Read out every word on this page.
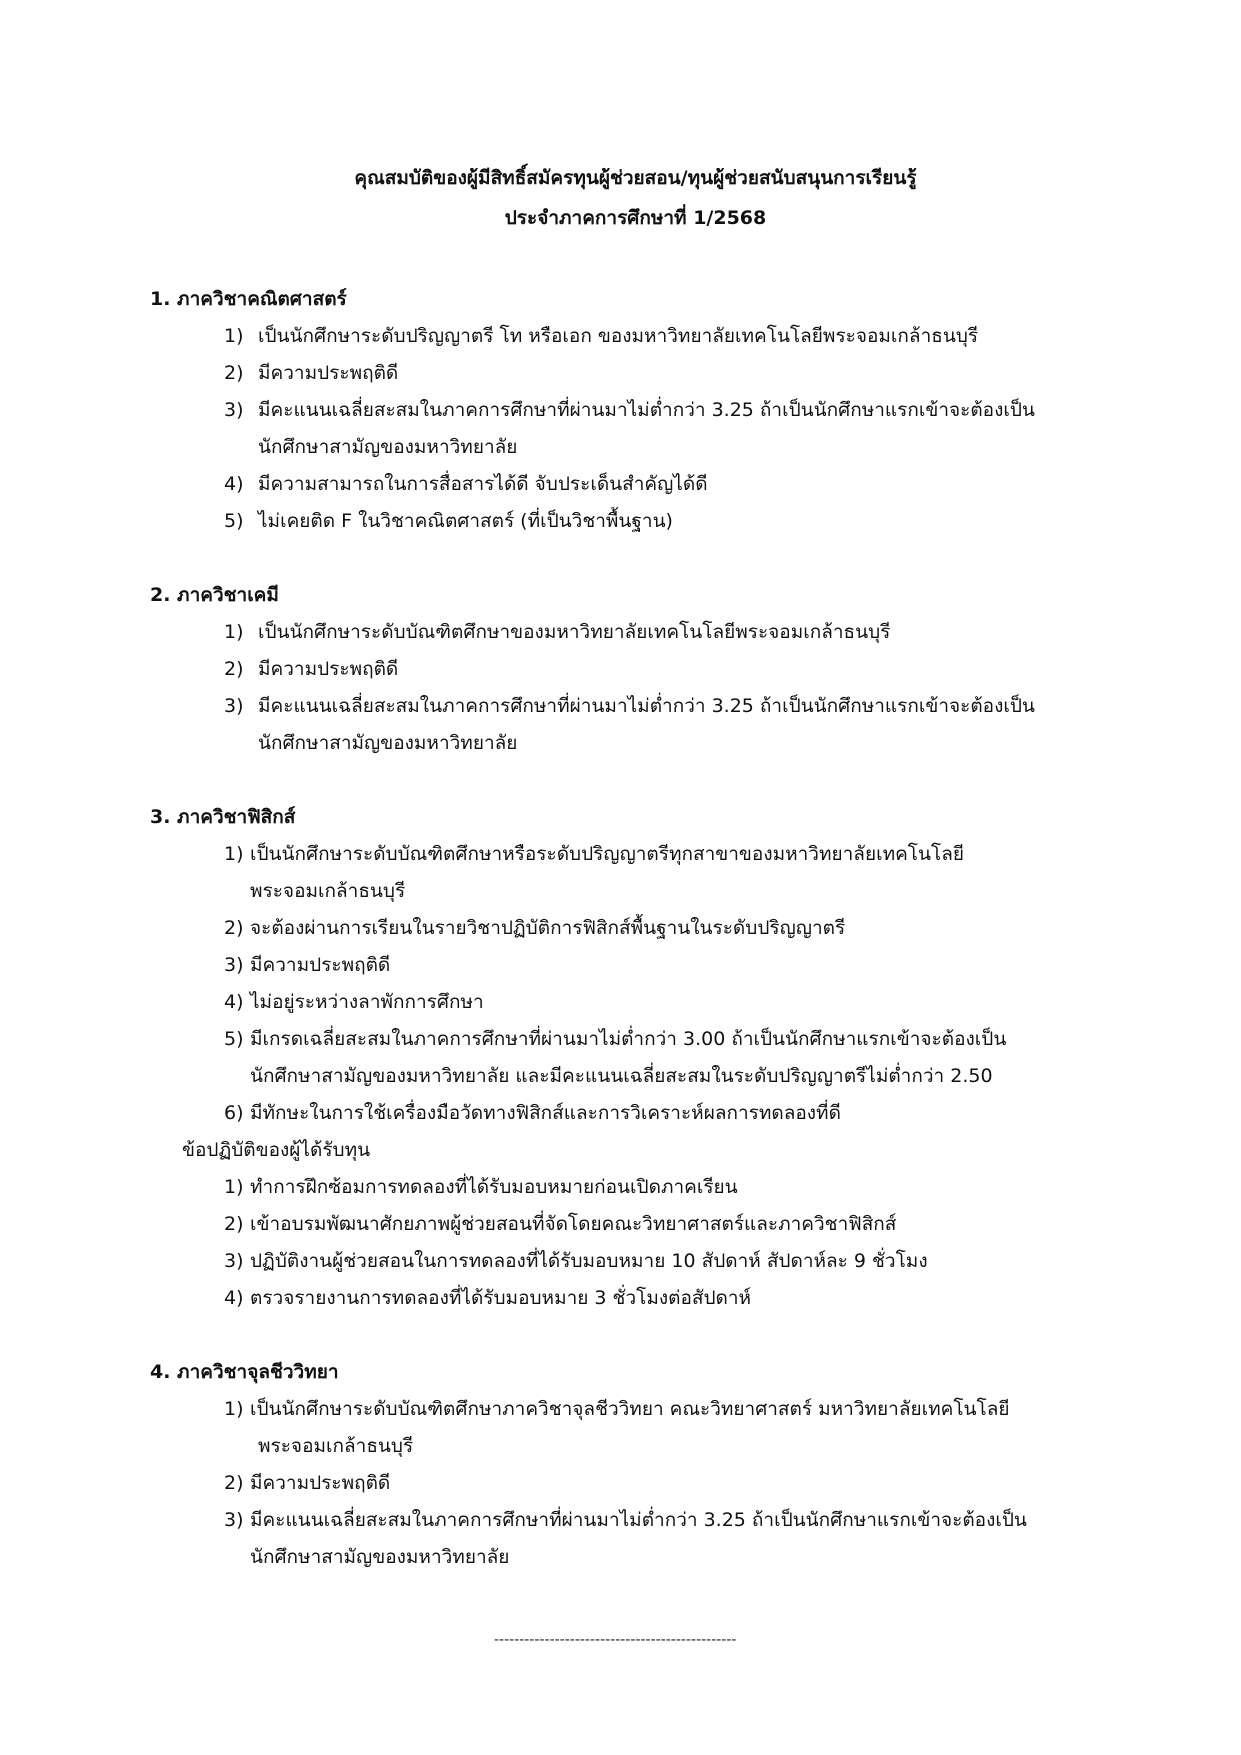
คุณสมบัติของผู้มีสิทธิ์สมัครทุนผู้ช่วยสอน/ทุนผู้ช่วยสนับสนุนการเรียนรู้
ประจำภาคการศึกษาที่ 1/2568
1. ภาควิชาคณิตศาสตร์
1) เป็นนักศึกษาระดับปริญญาตรี โท หรือเอก ของมหาวิทยาลัยเทคโนโลยีพระจอมเกล้าธนบุรี
2) มีความประพฤติดี
3) มีคะแนนเฉลี่ยสะสมในภาคการศึกษาที่ผ่านมาไม่ต่ำกว่า 3.25 ถ้าเป็นนักศึกษาแรกเข้าจะต้องเป็น
นักศึกษาสามัญของมหาวิทยาลัย
4) มีความสามารถในการสื่อสารได้ดี จับประเด็นสำคัญได้ดี
5) ไม่เคยติด F ในวิชาคณิตศาสตร์ (ที่เป็นวิชาพื้นฐาน)
2. ภาควิชาเคมี
1) เป็นนักศึกษาระดับบัณฑิตศึกษาของมหาวิทยาลัยเทคโนโลยีพระจอมเกล้าธนบุรี
2) มีความประพฤติดี
3) มีคะแนนเฉลี่ยสะสมในภาคการศึกษาที่ผ่านมาไม่ต่ำกว่า 3.25 ถ้าเป็นนักศึกษาแรกเข้าจะต้องเป็น
นักศึกษาสามัญของมหาวิทยาลัย
3. ภาควิชาฟิสิกส์
1) เป็นนักศึกษาระดับบัณฑิตศึกษาหรือระดับปริญญาตรีทุกสาขาของมหาวิทยาลัยเทคโนโลยี
พระจอมเกล้าธนบุรี
2) จะต้องผ่านการเรียนในรายวิชาปฏิบัติการฟิสิกส์พื้นฐานในระดับปริญญาตรี
3) มีความประพฤติดี
4) ไม่อยู่ระหว่างลาพักการศึกษา
5) มีเกรดเฉลี่ยสะสมในภาคการศึกษาที่ผ่านมาไม่ต่ำกว่า 3.00 ถ้าเป็นนักศึกษาแรกเข้าจะต้องเป็น
นักศึกษาสามัญของมหาวิทยาลัย และมีคะแนนเฉลี่ยสะสมในระดับปริญญาตรีไม่ต่ำกว่า 2.50
6) มีทักษะในการใช้เครื่องมือวัดทางฟิสิกส์และการวิเคราะห์ผลการทดลองที่ดี
ข้อปฏิบัติของผู้ได้รับทุน
1) ทำการฝึกซ้อมการทดลองที่ได้รับมอบหมายก่อนเปิดภาคเรียน
2) เข้าอบรมพัฒนาศักยภาพผู้ช่วยสอนที่จัดโดยคณะวิทยาศาสตร์และภาควิชาฟิสิกส์
3) ปฏิบัติงานผู้ช่วยสอนในการทดลองที่ได้รับมอบหมาย 10 สัปดาห์ สัปดาห์ละ 9 ชั่วโมง
4) ตรวจรายงานการทดลองที่ได้รับมอบหมาย 3 ชั่วโมงต่อสัปดาห์
4. ภาควิชาจุลชีววิทยา
1) เป็นนักศึกษาระดับบัณฑิตศึกษาภาควิชาจุลชีววิทยา คณะวิทยาศาสตร์ มหาวิทยาลัยเทคโนโลยี
พระจอมเกล้าธนบุรี
2) มีความประพฤติดี
3) มีคะแนนเฉลี่ยสะสมในภาคการศึกษาที่ผ่านมาไม่ต่ำกว่า 3.25 ถ้าเป็นนักศึกษาแรกเข้าจะต้องเป็น
นักศึกษาสามัญของมหาวิทยาลัย
------------------------------------------------
